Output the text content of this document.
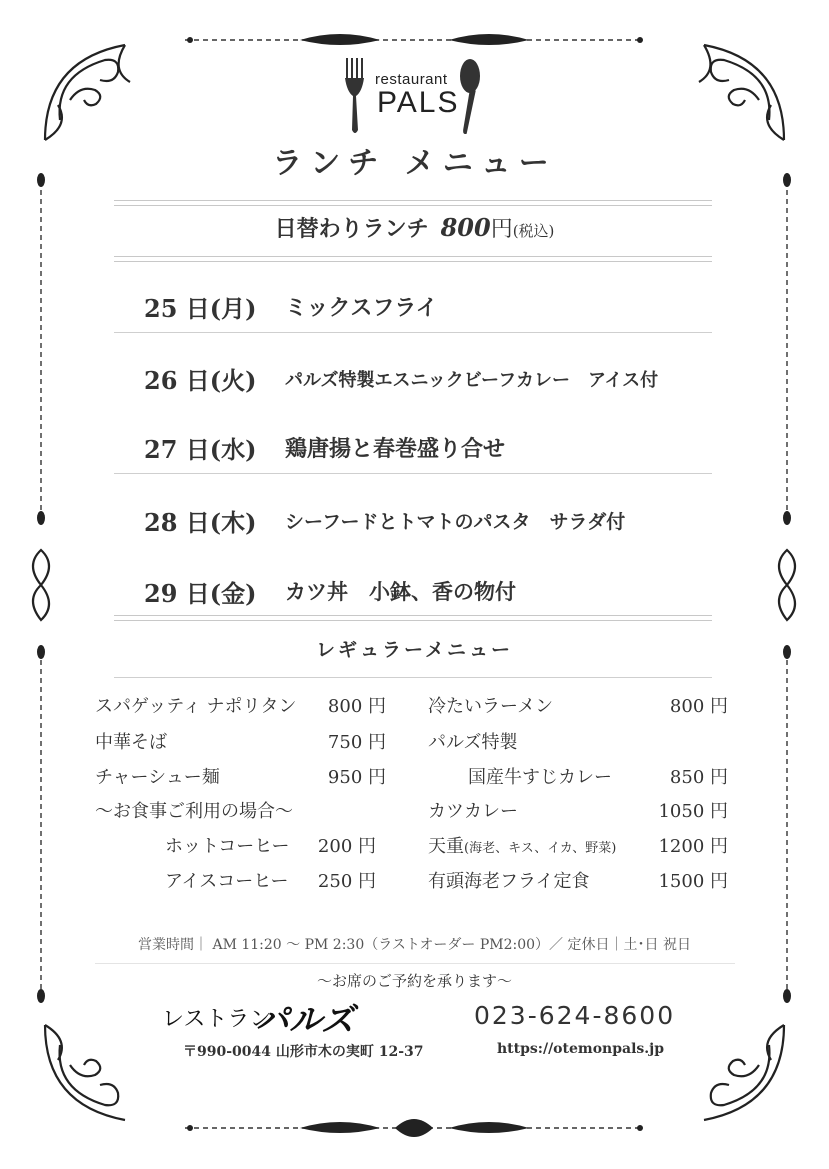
restaurant
PALS
ランチ メニュー
日替わりランチ 800円(税込)
25 日(月) ミックスフライ
26 日(火) パルズ特製エスニックビーフカレー　アイス付
27 日(水) 鶏唐揚と春巻盛り合せ
28 日(木) シーフードとトマトのパスタ　サラダ付
29 日(金) カツ丼　小鉢、香の物付
レギュラーメニュー
スパゲッティ ナポリタン	800 円
中華そば	750 円
チャーシュー麺	950 円
～お食事ご利用の場合～
ホットコーヒー	200 円
アイスコーヒー	250 円
冷たいラーメン	800 円
パルズ特製
国産牛すじカレー	850 円
カツカレー	1050 円
天重(海老、キス、イカ、野菜)	1200 円
有頭海老フライ定食	1500 円
営業時間｜ AM 11:20 ～ PM 2:30（ラストオーダー PM2:00）／ 定休日｜土･日 祝日
～お席のご予約を承ります～
レストラン
パルズ	023-624-8600
〒990-0044 山形市木の実町 12-37	https://otemonpals.jp
